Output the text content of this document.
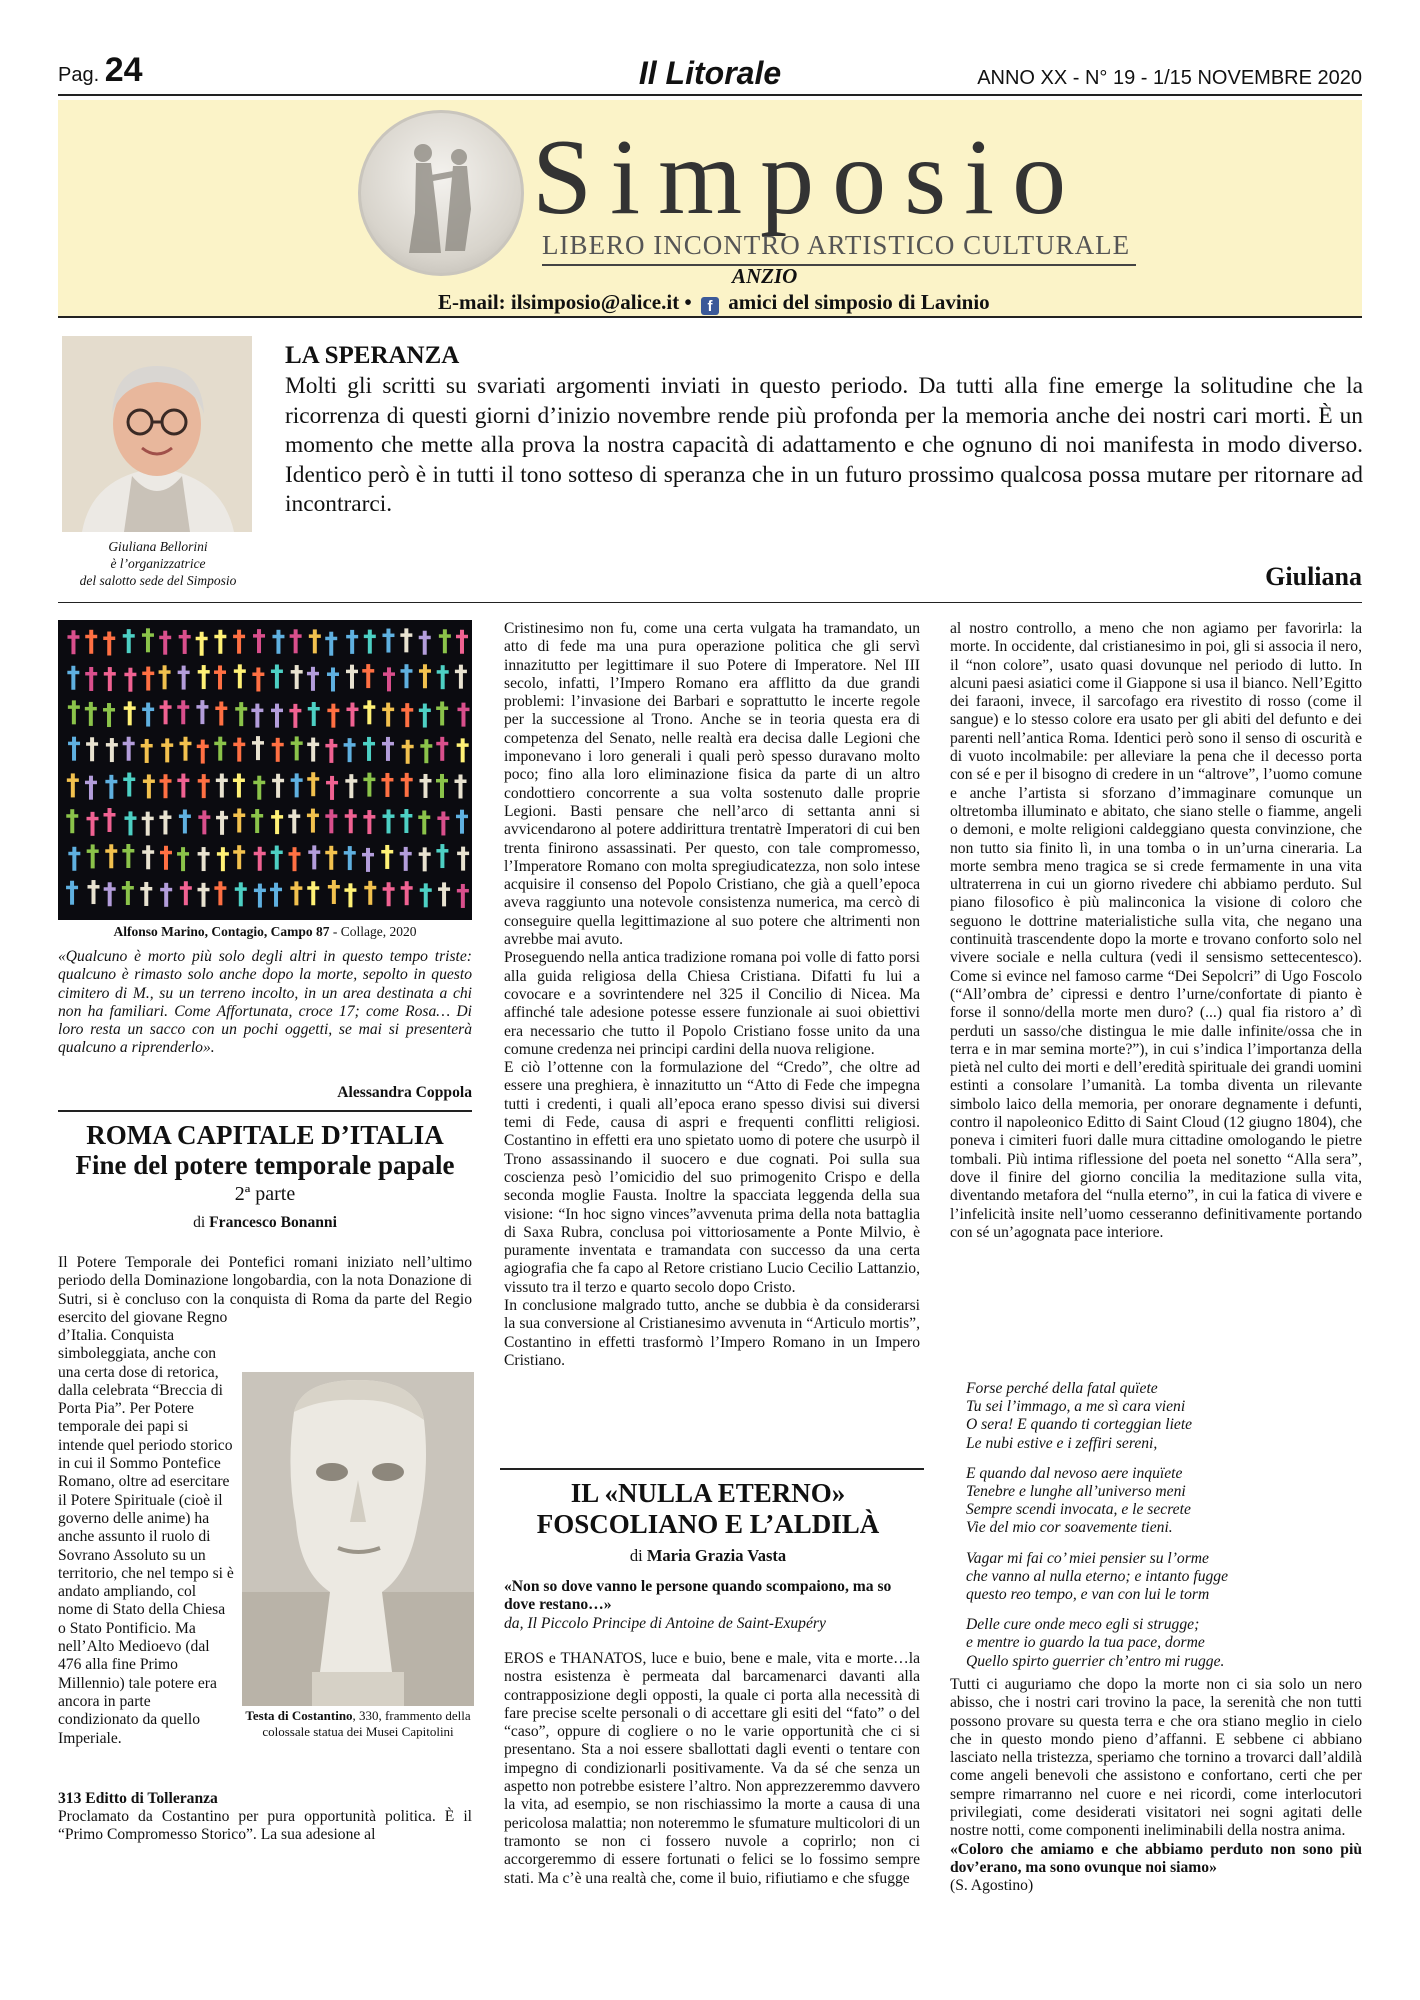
Pag. 24	Il Litorale	ANNO XX - N° 19 - 1/15 NOVEMBRE 2020
Simposio
LIBERO INCONTRO ARTISTICO CULTURALE
ANZIO
E-mail: ilsimposio@alice.it • f amici del simposio di Lavinio
Giuliana Bellorini
è l’organizzatrice
del salotto sede del Simposio
LA SPERANZA
Molti gli scritti su svariati argomenti inviati in questo periodo. Da tutti alla fine emerge la solitudine che la ricorrenza di questi giorni d’inizio novembre rende più profonda per la memoria anche dei nostri cari morti. È un momento che mette alla prova la nostra capacità di adattamento e che ognuno di noi manifesta in modo diverso. Identico però è in tutti il tono sotteso di speranza che in un futuro prossimo qualcosa possa mutare per ritornare ad incontrarci.
Giuliana
Alfonso Marino, Contagio, Campo 87 - Collage, 2020
«Qualcuno è morto più solo degli altri in questo tempo triste: qualcuno è rimasto solo anche dopo la morte, sepolto in questo cimitero di M., su un terreno incolto, in un area destinata a chi non ha familiari. Come Affortunata, croce 17; come Rosa… Di loro resta un sacco con un pochi oggetti, se mai si presenterà qualcuno a riprenderlo».
Alessandra Coppola
ROMA CAPITALE D’ITALIA
Fine del potere temporale papale
2ª parte
di Francesco Bonanni
Il Potere Temporale dei Pontefici romani iniziato nell’ultimo periodo della Dominazione longobardia, con la nota Donazione di Sutri, si è concluso con la conquista di Roma da parte del Regio esercito del giovane Regno
d’Italia. Conquista simboleggiata, anche con una certa dose di retorica, dalla celebrata “Breccia di Porta Pia”. Per Potere temporale dei papi si intende quel periodo storico in cui il Sommo Pontefice Romano, oltre ad esercitare il Potere Spirituale (cioè il governo delle anime) ha anche assunto il ruolo di Sovrano Assoluto su un territorio, che nel tempo si è andato ampliando, col nome di Stato della Chiesa o Stato Pontificio. Ma nell’Alto Medioevo (dal 476 alla fine Primo Millennio) tale potere era ancora in parte condizionato da quello Imperiale.
Testa di Costantino, 330, frammento della colossale statua dei Musei Capitolini
313 Editto di Tolleranza
Proclamato da Costantino per pura opportunità politica. È il “Primo Compromesso Storico”. La sua adesione al

Cristinesimo non fu, come una certa vulgata ha tramandato, un atto di fede ma una pura operazione politica che gli servì innazitutto per legittimare il suo Potere di Imperatore. Nel III secolo, infatti, l’Impero Romano era afflitto da due grandi problemi: l’invasione dei Barbari e soprattutto le incerte regole per la successione al Trono. Anche se in teoria questa era di competenza del Senato, nelle realtà era decisa dalle Legioni che imponevano i loro generali i quali però spesso duravano molto poco; fino alla loro eliminazione fisica da parte di un altro condottiero concorrente a sua volta sostenuto dalle proprie Legioni. Basti pensare che nell’arco di settanta anni si avvicendarono al potere addirittura trentatrè Imperatori di cui ben trenta finirono assassinati. Per questo, con tale compromesso, l’Imperatore Romano con molta spregiudicatezza, non solo intese acquisire il consenso del Popolo Cristiano, che già a quell’epoca aveva raggiunto una notevole consistenza numerica, ma cercò di conseguire quella legittimazione al suo potere che altrimenti non avrebbe mai avuto.

Proseguendo nella antica tradizione romana poi volle di fatto porsi alla guida religiosa della Chiesa Cristiana. Difatti fu lui a covocare e a sovrintendere nel 325 il Concilio di Nicea. Ma affinché tale adesione potesse essere funzionale ai suoi obiettivi era necessario che tutto il Popolo Cristiano fosse unito da una comune credenza nei principi cardini della nuova religione.

E ciò l’ottenne con la formulazione del “Credo”, che oltre ad essere una preghiera, è innazitutto un “Atto di Fede che impegna tutti i credenti, i quali all’epoca erano spesso divisi sui diversi temi di Fede, causa di aspri e frequenti conflitti religiosi. Costantino in effetti era uno spietato uomo di potere che usurpò il Trono assassinando il suocero e due cognati. Poi sulla sua coscienza pesò l’omicidio del suo primogenito Crispo e della seconda moglie Fausta. Inoltre la spacciata leggenda della sua visione: “In hoc signo vinces”avvenuta prima della nota battaglia di Saxa Rubra, conclusa poi vittoriosamente a Ponte Milvio, è puramente inventata e tramandata con successo da una certa agiografia che fa capo al Retore cristiano Lucio Cecilio Lattanzio, vissuto tra il terzo e quarto secolo dopo Cristo.

In conclusione malgrado tutto, anche se dubbia è da considerarsi la sua conversione al Cristianesimo avvenuta in “Articulo mortis”, Costantino in effetti trasformò l’Impero Romano in un Impero Cristiano.

IL «NULLA ETERNO»
FOSCOLIANO E L’ALDILÀ
di Maria Grazia Vasta
«Non so dove vanno le persone quando scompaiono, ma so dove restano…»
da, Il Piccolo Principe di Antoine de Saint-Exupéry
EROS e THANATOS, luce e buio, bene e male, vita e morte…la nostra esistenza è permeata dal barcamenarci davanti alla contrapposizione degli opposti, la quale ci porta alla necessità di fare precise scelte personali o di accettare gli esiti del “fato” o del “caso”, oppure di cogliere o no le varie opportunità che ci si presentano. Sta a noi essere sballottati dagli eventi o tentare con impegno di condizionarli positivamente. Va da sé che senza un aspetto non potrebbe esistere l’altro. Non apprezzeremmo davvero la vita, ad esempio, se non rischiassimo la morte a causa di una pericolosa malattia; non noteremmo le sfumature multicolori di un tramonto se non ci fossero nuvole a coprirlo; non ci accorgeremmo di essere fortunati o felici se lo fossimo sempre stati. Ma c’è una realtà che, come il buio, rifiutiamo e che sfugge
al nostro controllo, a meno che non agiamo per favorirla: la morte. In occidente, dal cristianesimo in poi, gli si associa il nero, il “non colore”, usato quasi dovunque nel periodo di lutto. In alcuni paesi asiatici come il Giappone si usa il bianco. Nell’Egitto dei faraoni, invece, il sarcofago era rivestito di rosso (come il sangue) e lo stesso colore era usato per gli abiti del defunto e dei parenti nell’antica Roma. Identici però sono il senso di oscurità e di vuoto incolmabile: per alleviare la pena che il decesso porta con sé e per il bisogno di credere in un “altrove”, l’uomo comune e anche l’artista si sforzano d’immaginare comunque un oltretomba illuminato e abitato, che siano stelle o fiamme, angeli o demoni, e molte religioni caldeggiano questa convinzione, che non tutto sia finito lì, in una tomba o in un’urna cineraria. La morte sembra meno tragica se si crede fermamente in una vita ultraterrena in cui un giorno rivedere chi abbiamo perduto. Sul piano filosofico è più malinconica la visione di coloro che seguono le dottrine materialistiche sulla vita, che negano una continuità trascendente dopo la morte e trovano conforto solo nel vivere sociale e nella cultura (vedi il sensismo settecentesco). Come si evince nel famoso carme “Dei Sepolcri” di Ugo Foscolo (“All’ombra de’ cipressi e dentro l’urne/confortate di pianto è forse il sonno/della morte men duro? (...) qual fia ristoro a’ dì perduti un sasso/che distingua le mie dalle infinite/ossa che in terra e in mar semina morte?”), in cui s’indica l’importanza della pietà nel culto dei morti e dell’eredità spirituale dei grandi uomini estinti a consolare l’umanità. La tomba diventa un rilevante simbolo laico della memoria, per onorare degnamente i defunti, contro il napoleonico Editto di Saint Cloud (12 giugno 1804), che poneva i cimiteri fuori dalle mura cittadine omologando le pietre tombali. Più intima riflessione del poeta nel sonetto “Alla sera”, dove il finire del giorno concilia la meditazione sulla vita, diventando metafora del “nulla eterno”, in cui la fatica di vivere e l’infelicità insite nell’uomo cesseranno definitivamente portando con sé un’agognata pace interiore.
Forse perché della fatal quïete
Tu sei l’immago, a me sì cara vieni
O sera! E quando ti corteggian liete
Le nubi estive e i zeffiri sereni,
E quando dal nevoso aere inquïete
Tenebre e lunghe all’universo meni
Sempre scendi invocata, e le secrete
Vie del mio cor soavemente tieni.
Vagar mi fai co’ miei pensier su l’orme
che vanno al nulla eterno; e intanto fugge
questo reo tempo, e van con lui le torm
Delle cure onde meco egli si strugge;
e mentre io guardo la tua pace, dorme
Quello spirto guerrier ch’entro mi rugge.

Tutti ci auguriamo che dopo la morte non ci sia solo un nero abisso, che i nostri cari trovino la pace, la serenità che non tutti possono provare su questa terra e che ora stiano meglio in cielo che in questo mondo pieno d’affanni. E sebbene ci abbiano lasciato nella tristezza, speriamo che tornino a trovarci dall’aldilà come angeli benevoli che assistono e confortano, certi che per sempre rimarranno nel cuore e nei ricordi, come interlocutori privilegiati, come desiderati visitatori nei sogni agitati delle nostre notti, come componenti ineliminabili della nostra anima.

«Coloro che amiamo e che abbiamo perduto non sono più dov’erano, ma sono ovunque noi siamo»

(S. Agostino)
